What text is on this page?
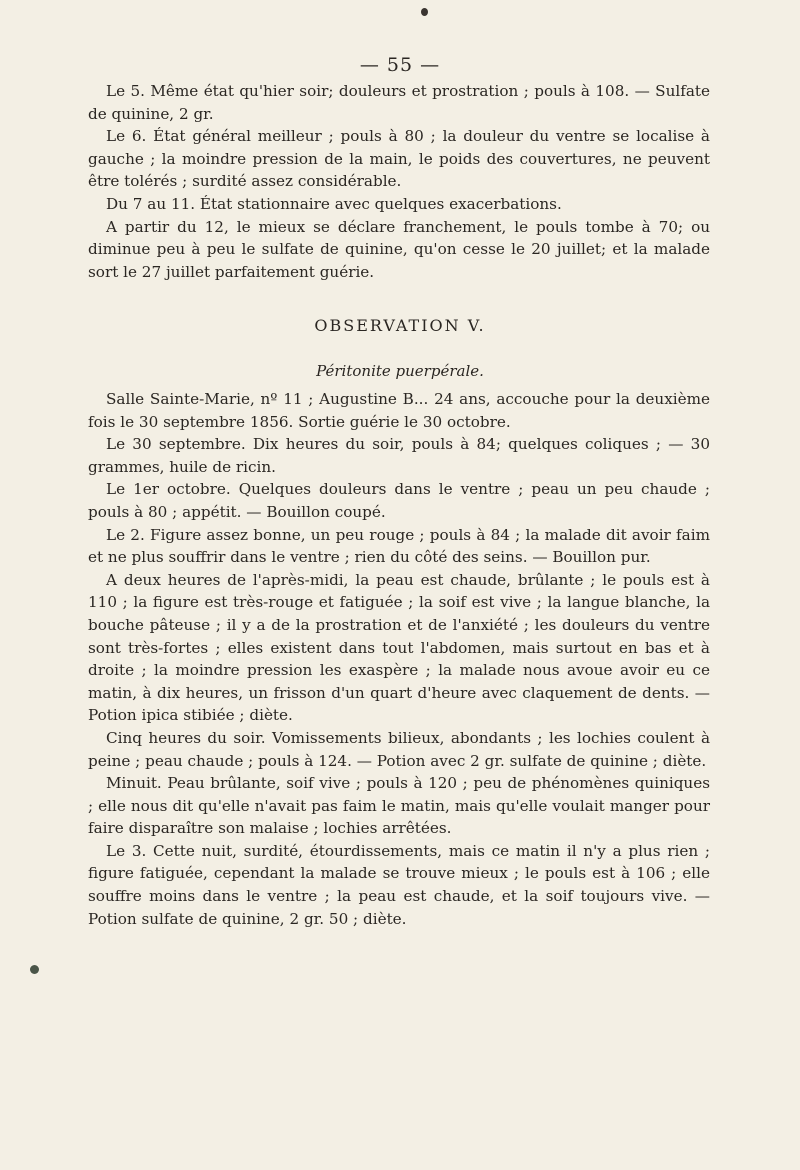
— 55 —

Le 5. Même état qu'hier soir; douleurs et prostration ; pouls à 108. — Sulfate de quinine, 2 gr.

Le 6. État général meilleur ; pouls à 80 ; la douleur du ventre se localise à gauche ; la moindre pression de la main, le poids des couvertures, ne peuvent être tolérés ; surdité assez considérable.

Du 7 au 11. État stationnaire avec quelques exacerbations.

A partir du 12, le mieux se déclare franchement, le pouls tombe à 70; ou diminue peu à peu le sulfate de quinine, qu'on cesse le 20 juillet; et la malade sort le 27 juillet parfaitement guérie.

OBSERVATION V.
Péritonite puerpérale.

Salle Sainte-Marie, nº 11 ; Augustine B... 24 ans, accouche pour la deuxième fois le 30 septembre 1856. Sortie guérie le 30 octobre.

Le 30 septembre. Dix heures du soir, pouls à 84; quelques coliques ; — 30 grammes, huile de ricin.

Le 1er octobre. Quelques douleurs dans le ventre ; peau un peu chaude ; pouls à 80 ; appétit. — Bouillon coupé.

Le 2. Figure assez bonne, un peu rouge ; pouls à 84 ; la malade dit avoir faim et ne plus souffrir dans le ventre ; rien du côté des seins. — Bouillon pur.

A deux heures de l'après-midi, la peau est chaude, brûlante ; le pouls est à 110 ; la figure est très-rouge et fatiguée ; la soif est vive ; la langue blanche, la bouche pâteuse ; il y a de la prostration et de l'anxiété ; les douleurs du ventre sont très-fortes ; elles existent dans tout l'abdomen, mais surtout en bas et à droite ; la moindre pression les exaspère ; la malade nous avoue avoir eu ce matin, à dix heures, un frisson d'un quart d'heure avec claquement de dents. —Potion ipica stibiée ; diète.

Cinq heures du soir. Vomissements bilieux, abondants ; les lochies coulent à peine ; peau chaude ; pouls à 124. — Potion avec 2 gr. sulfate de quinine ; diète.

Minuit. Peau brûlante, soif vive ; pouls à 120 ; peu de phénomènes quiniques ; elle nous dit qu'elle n'avait pas faim le matin, mais qu'elle voulait manger pour faire disparaître son malaise ; lochies arrêtées.

Le 3. Cette nuit, surdité, étourdissements, mais ce matin il n'y a plus rien ; figure fatiguée, cependant la malade se trouve mieux ; le pouls est à 106 ; elle souffre moins dans le ventre ; la peau est chaude, et la soif toujours vive. — Potion sulfate de quinine, 2 gr. 50 ; diète.
